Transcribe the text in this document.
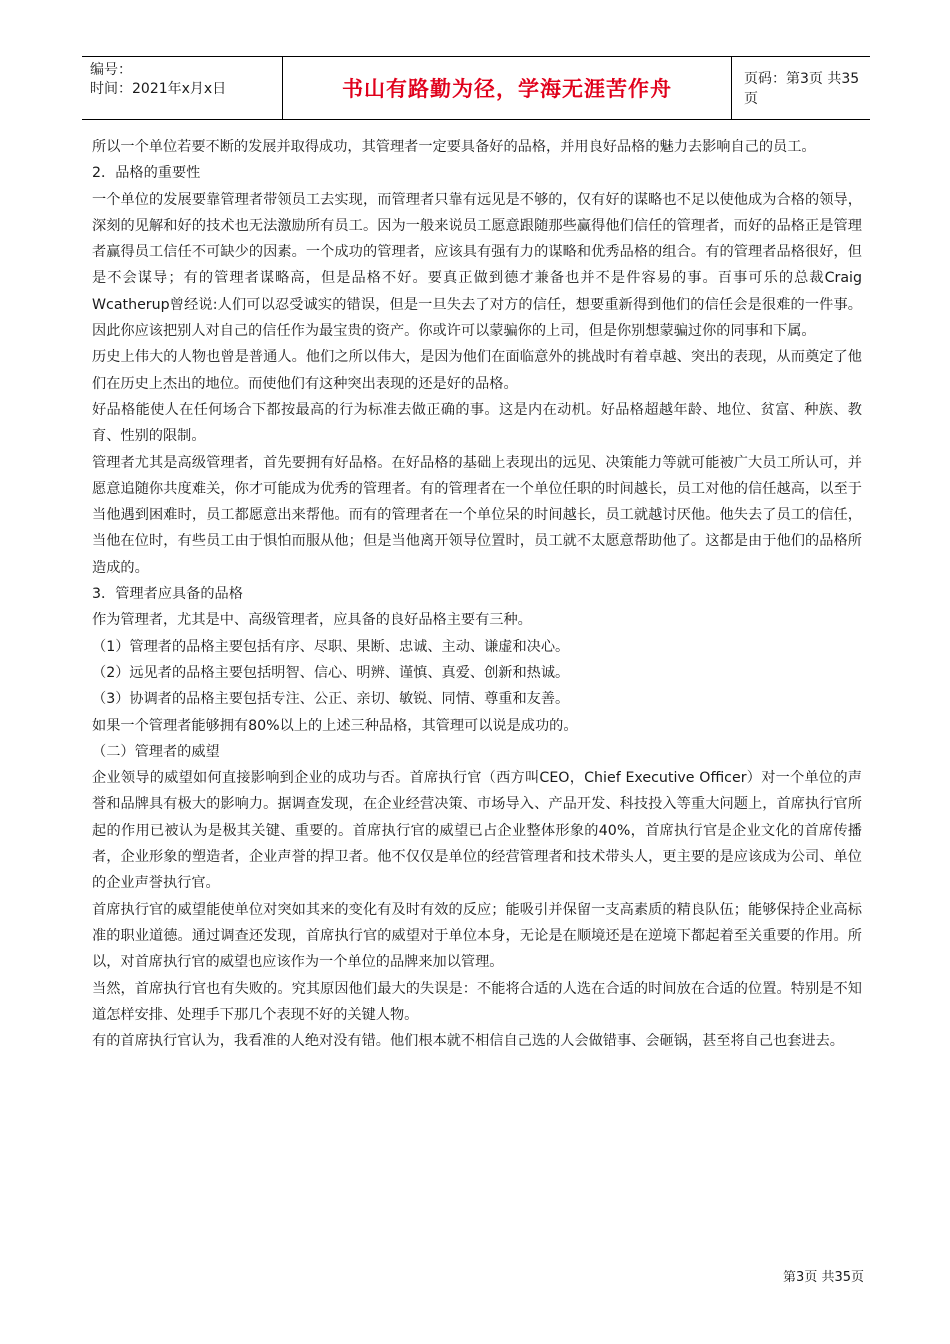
编号：
时间：2021年x月x日	书山有路勤为径，学海无涯苦作舟	页码：第3页 共35页

所以一个单位若要不断的发展并取得成功，其管理者一定要具备好的品格，并用良好品格的魅力去影响自己的员工。

2．品格的重要性

一个单位的发展要靠管理者带领员工去实现，而管理者只靠有远见是不够的，仅有好的谋略也不足以使他成为合格的领导，深刻的见解和好的技术也无法激励所有员工。因为一般来说员工愿意跟随那些赢得他们信任的管理者，而好的品格正是管理者赢得员工信任不可缺少的因素。一个成功的管理者，应该具有强有力的谋略和优秀品格的组合。有的管理者品格很好，但是不会谋导；有的管理者谋略高，但是品格不好。要真正做到德才兼备也并不是件容易的事。百事可乐的总裁Craig Wcatherup曾经说:人们可以忍受诚实的错误，但是一旦失去了对方的信任，想要重新得到他们的信任会是很难的一件事。因此你应该把别人对自己的信任作为最宝贵的资产。你或许可以蒙骗你的上司，但是你别想蒙骗过你的同事和下属。

历史上伟大的人物也曾是普通人。他们之所以伟大，是因为他们在面临意外的挑战时有着卓越、突出的表现，从而奠定了他们在历史上杰出的地位。而使他们有这种突出表现的还是好的品格。

好品格能使人在任何场合下都按最高的行为标准去做正确的事。这是内在动机。好品格超越年龄、地位、贫富、种族、教育、性别的限制。

管理者尤其是高级管理者，首先要拥有好品格。在好品格的基础上表现出的远见、决策能力等就可能被广大员工所认可，并愿意追随你共度难关，你才可能成为优秀的管理者。有的管理者在一个单位任职的时间越长，员工对他的信任越高，以至于当他遇到困难时，员工都愿意出来帮他。而有的管理者在一个单位呆的时间越长，员工就越讨厌他。他失去了员工的信任，当他在位时，有些员工由于惧怕而服从他；但是当他离开领导位置时，员工就不太愿意帮助他了。这都是由于他们的品格所造成的。

3．管理者应具备的品格

作为管理者，尤其是中、高级管理者，应具备的良好品格主要有三种。

（1）管理者的品格主要包括有序、尽职、果断、忠诚、主动、谦虚和决心。

（2）远见者的品格主要包括明智、信心、明辨、谨慎、真爱、创新和热诚。

（3）协调者的品格主要包括专注、公正、亲切、敏锐、同情、尊重和友善。

如果一个管理者能够拥有80%以上的上述三种品格，其管理可以说是成功的。

（二）管理者的威望

企业领导的威望如何直接影响到企业的成功与否。首席执行官（西方叫CEO，Chief Executive Officer）对一个单位的声誉和品牌具有极大的影响力。据调查发现，在企业经营决策、市场导入、产品开发、科技投入等重大问题上，首席执行官所起的作用已被认为是极其关键、重要的。首席执行官的威望已占企业整体形象的40%，首席执行官是企业文化的首席传播者，企业形象的塑造者，企业声誉的捍卫者。他不仅仅是单位的经营管理者和技术带头人，更主要的是应该成为公司、单位的企业声誉执行官。

首席执行官的威望能使单位对突如其来的变化有及时有效的反应；能吸引并保留一支高素质的精良队伍；能够保持企业高标准的职业道德。通过调查还发现，首席执行官的威望对于单位本身，无论是在顺境还是在逆境下都起着至关重要的作用。所以，对首席执行官的威望也应该作为一个单位的品牌来加以管理。

当然，首席执行官也有失败的。究其原因他们最大的失误是：不能将合适的人选在合适的时间放在合适的位置。特别是不知道怎样安排、处理手下那几个表现不好的关键人物。

有的首席执行官认为，我看准的人绝对没有错。他们根本就不相信自己选的人会做错事、会砸锅，甚至将自己也套进去。

第3页 共35页
